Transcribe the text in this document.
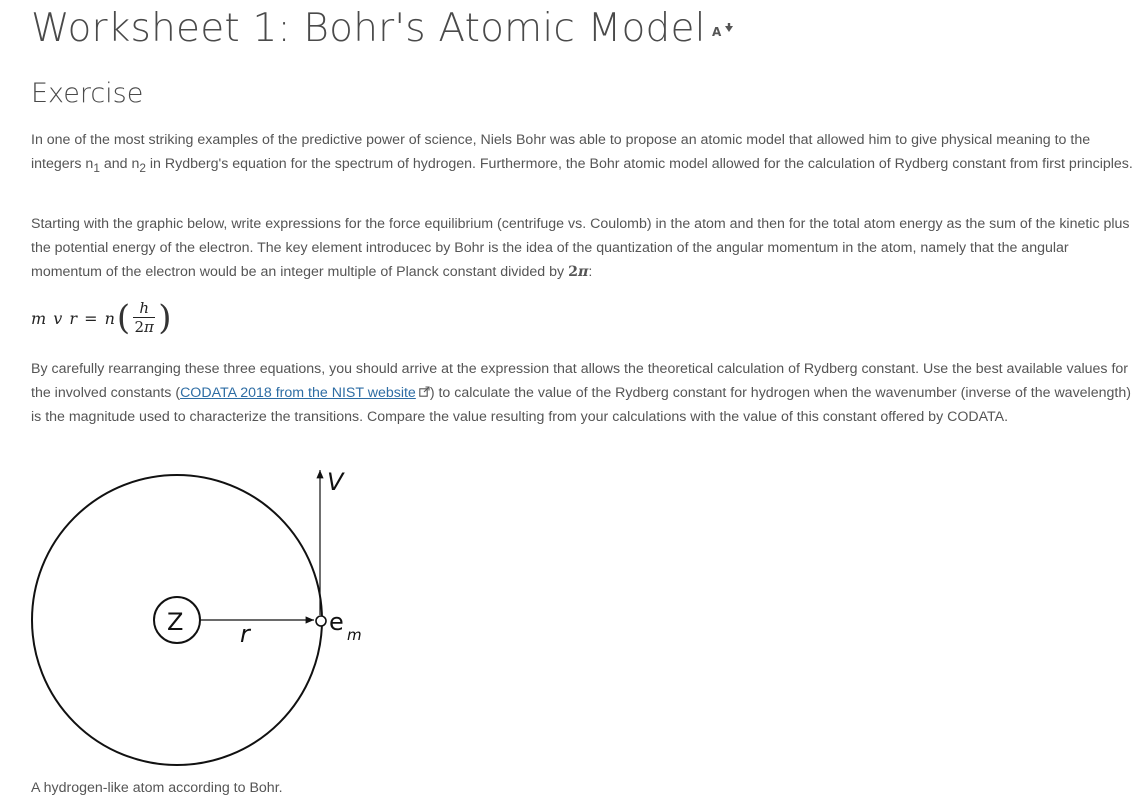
Worksheet 1: Bohr's Atomic Model A
Exercise

In one of the most striking examples of the predictive power of science, Niels Bohr was able to propose an atomic model that allowed him to give physical meaning to the integers $n_1$ and $n_2$ in Rydberg's equation for the spectrum of hydrogen. Furthermore, the Bohr atomic model allowed for the calculation of Rydberg constant from first principles.

Starting with the graphic below, write expressions for the force equilibrium (centrifuge vs. Coulomb) in the atom and then for the total atom energy as the sum of the kinetic plus the potential energy of the electron. The key element introducec by Bohr is the idea of the quantization of the angular momentum in the atom, namely that the angular momentum of the electron would be an integer multiple of Planck constant divided by 2π:

m v r = n ( $\frac{h}{2\pi}$ )

By carefully rearranging these three equations, you should arrive at the expression that allows the theoretical calculation of Rydberg constant. Use the best available values for the involved constants (CODATA 2018 from the NIST website ) to calculate the value of the Rydberg constant for hydrogen when the wavenumber (inverse of the wavelength) is the magnitude used to characterize the transitions. Compare the value resulting from your calculations with the value of this constant offered by CODATA.

Z r
V
e m
A hydrogen-like atom according to Bohr.
